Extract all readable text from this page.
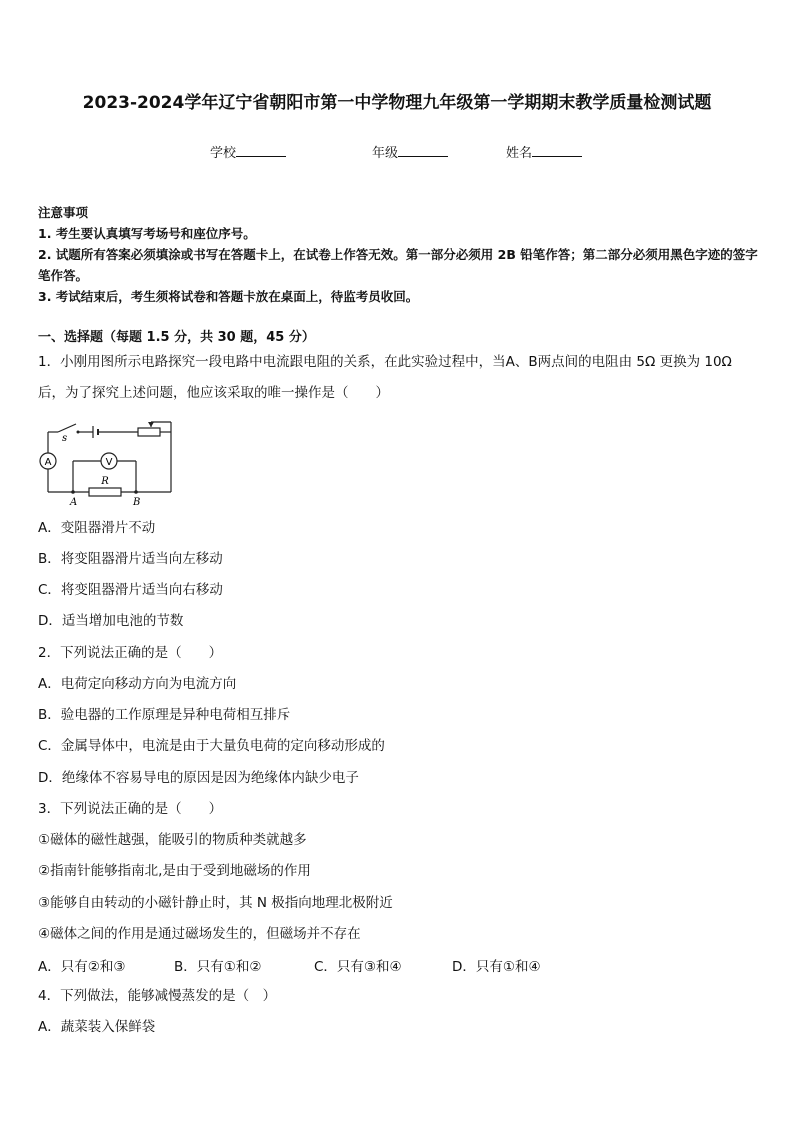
2023-2024学年辽宁省朝阳市第一中学物理九年级第一学期期末教学质量检测试题
学校	年级	姓名
注意事项
1. 考生要认真填写考场号和座位序号。
2. 试题所有答案必须填涂或书写在答题卡上，在试卷上作答无效。第一部分必须用 2B 铅笔作答；第二部分必须用黑色字迹的签字笔作答。
3. 考试结束后，考生须将试卷和答题卡放在桌面上，待监考员收回。
一、选择题（每题 1.5 分，共 30 题，45 分）
1．小刚用图所示电路探究一段电路中电流跟电阻的关系，在此实验过程中，当A、B两点间的电阻由 5Ω 更换为 10Ω 后，为了探究上述问题，他应该采取的唯一操作是（　　）
s
A	V
R
A	B
A．变阻器滑片不动
B．将变阻器滑片适当向左移动
C．将变阻器滑片适当向右移动
D．适当增加电池的节数
2．下列说法正确的是（　　）
A．电荷定向移动方向为电流方向
B．验电器的工作原理是异种电荷相互排斥
C．金属导体中，电流是由于大量负电荷的定向移动形成的
D．绝缘体不容易导电的原因是因为绝缘体内缺少电子
3．下列说法正确的是（　　）
①磁体的磁性越强，能吸引的物质种类就越多
②指南针能够指南北,是由于受到地磁场的作用
③能够自由转动的小磁针静止时，其 N 极指向地理北极附近
④磁体之间的作用是通过磁场发生的，但磁场并不存在
A．只有②和③	B．只有①和②	C．只有③和④	D．只有①和④
4．下列做法，能够减慢蒸发的是（　）
A．蔬菜装入保鲜袋
